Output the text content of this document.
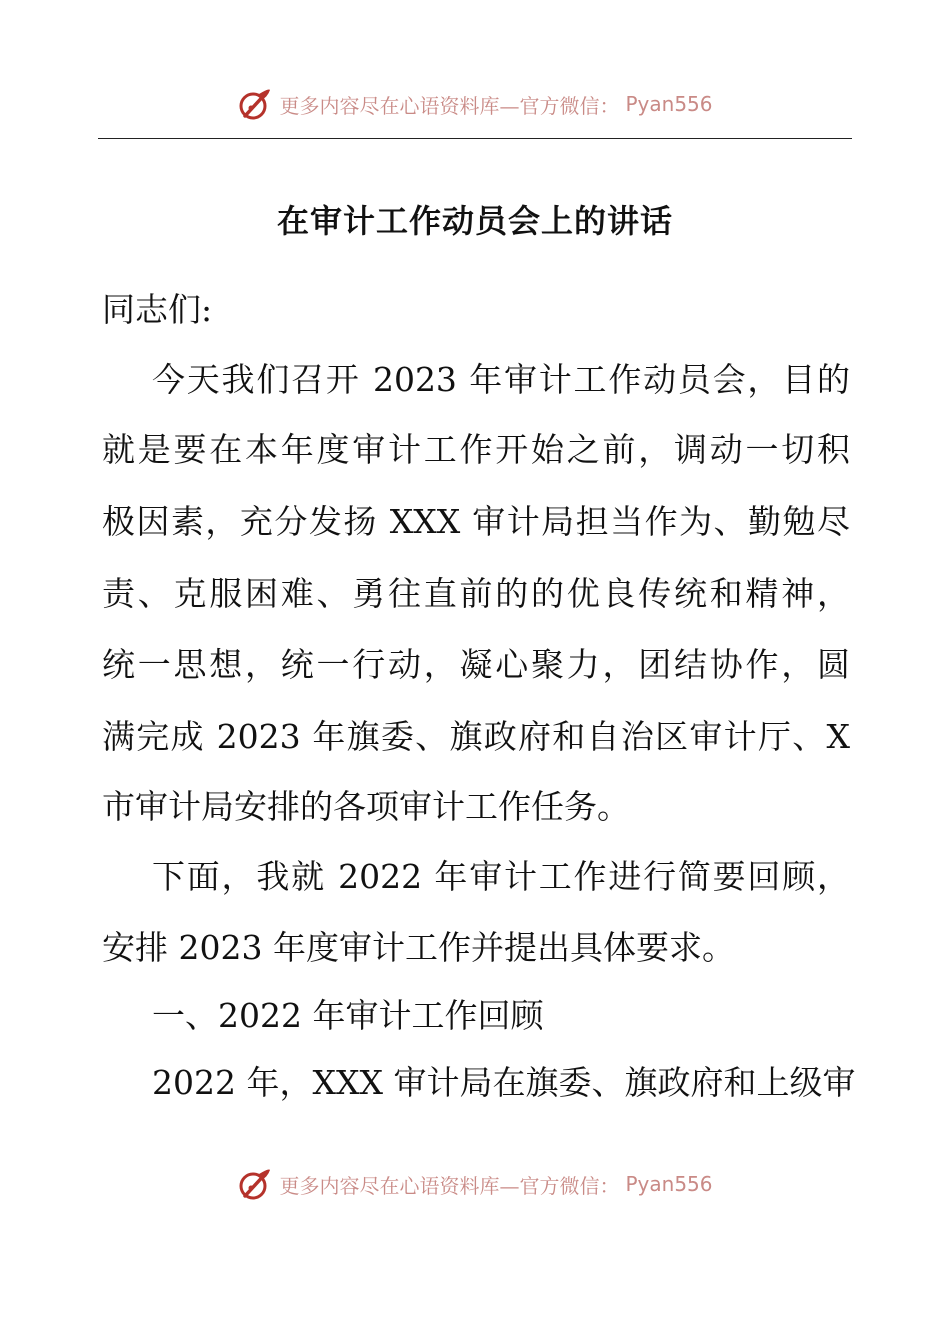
更多内容尽在心语资料库—官方微信： Pyan556
在审计工作动员会上的讲话
同志们:
今天我们召开 2023 年审计工作动员会，目的
就是要在本年度审计工作开始之前，调动一切积
极因素，充分发扬 XXX 审计局担当作为、勤勉尽
责、克服困难、勇往直前的的优良传统和精神，
统一思想，统一行动，凝心聚力，团结协作，圆
满完成 2023 年旗委、旗政府和自治区审计厅、X
市审计局安排的各项审计工作任务。
下面，我就 2022 年审计工作进行简要回顾，
安排 2023 年度审计工作并提出具体要求。
一、2022 年审计工作回顾
2022 年，XXX 审计局在旗委、旗政府和上级审
更多内容尽在心语资料库—官方微信： Pyan556
